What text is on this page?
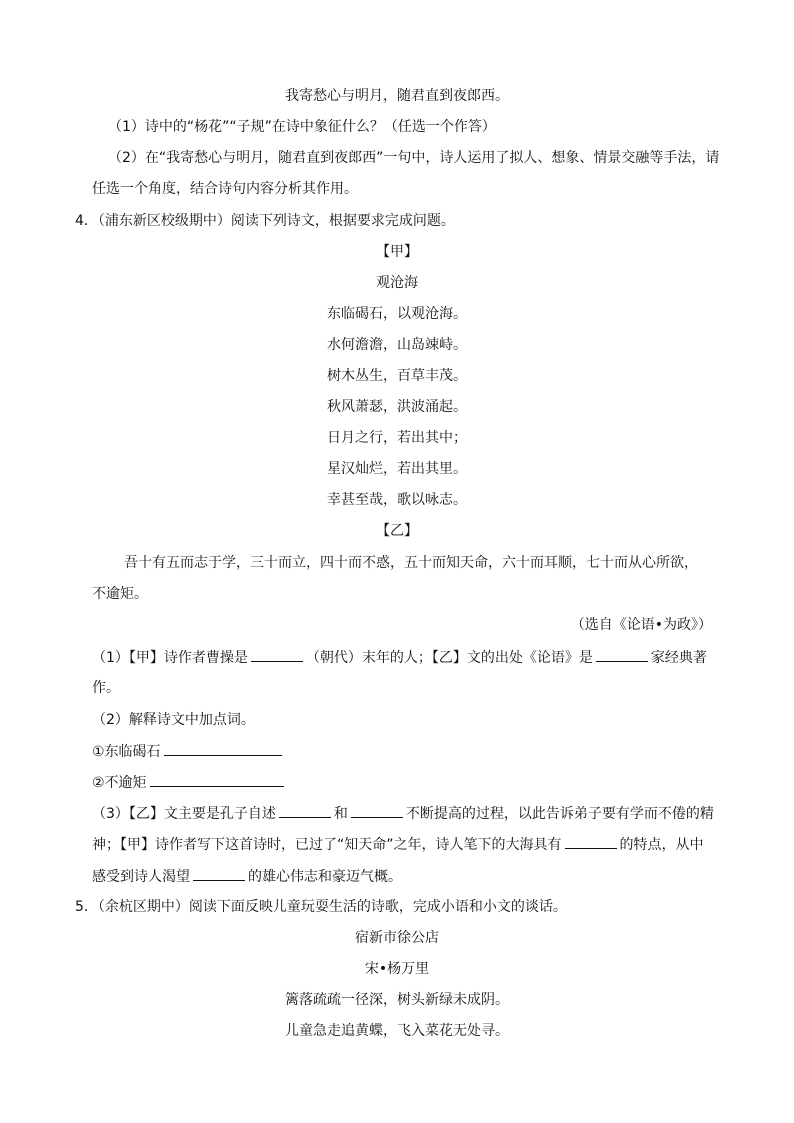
我寄愁心与明月，随君直到夜郎西。
（1）诗中的“杨花”“子规”在诗中象征什么？（任选一个作答）
（2）在“我寄愁心与明月，随君直到夜郎西”一句中，诗人运用了拟人、想象、情景交融等手法，请
任选一个角度，结合诗句内容分析其作用。
4．（浦东新区校级期中）阅读下列诗文，根据要求完成问题。
【甲】
观沧海
东临碣石，以观沧海。
水何澹澹，山岛竦峙。
树木丛生，百草丰茂。
秋风萧瑟，洪波涌起。
日月之行，若出其中；
星汉灿烂，若出其里。
幸甚至哉，歌以咏志。
【乙】
吾十有五而志于学，三十而立，四十而不惑，五十而知天命，六十而耳顺，七十而从心所欲，
不逾矩。
（选自《论语•为政》）
（1）【甲】诗作者曹操是	（朝代）末年的人；【乙】文的出处《论语》是	家经典著
作。
（2）解释诗文中加点词。
①东临碣石
②不逾矩
（3）【乙】文主要是孔子自述	和	不断提高的过程，以此告诉弟子要有学而不倦的精
神；【甲】诗作者写下这首诗时，已过了“知天命”之年，诗人笔下的大海具有	的特点，从中
感受到诗人渴望	的雄心伟志和豪迈气概。
5．（余杭区期中）阅读下面反映儿童玩耍生活的诗歌，完成小语和小文的谈话。
宿新市徐公店
宋•杨万里
篱落疏疏一径深，树头新绿未成阴。
儿童急走追黄蝶，飞入菜花无处寻。
